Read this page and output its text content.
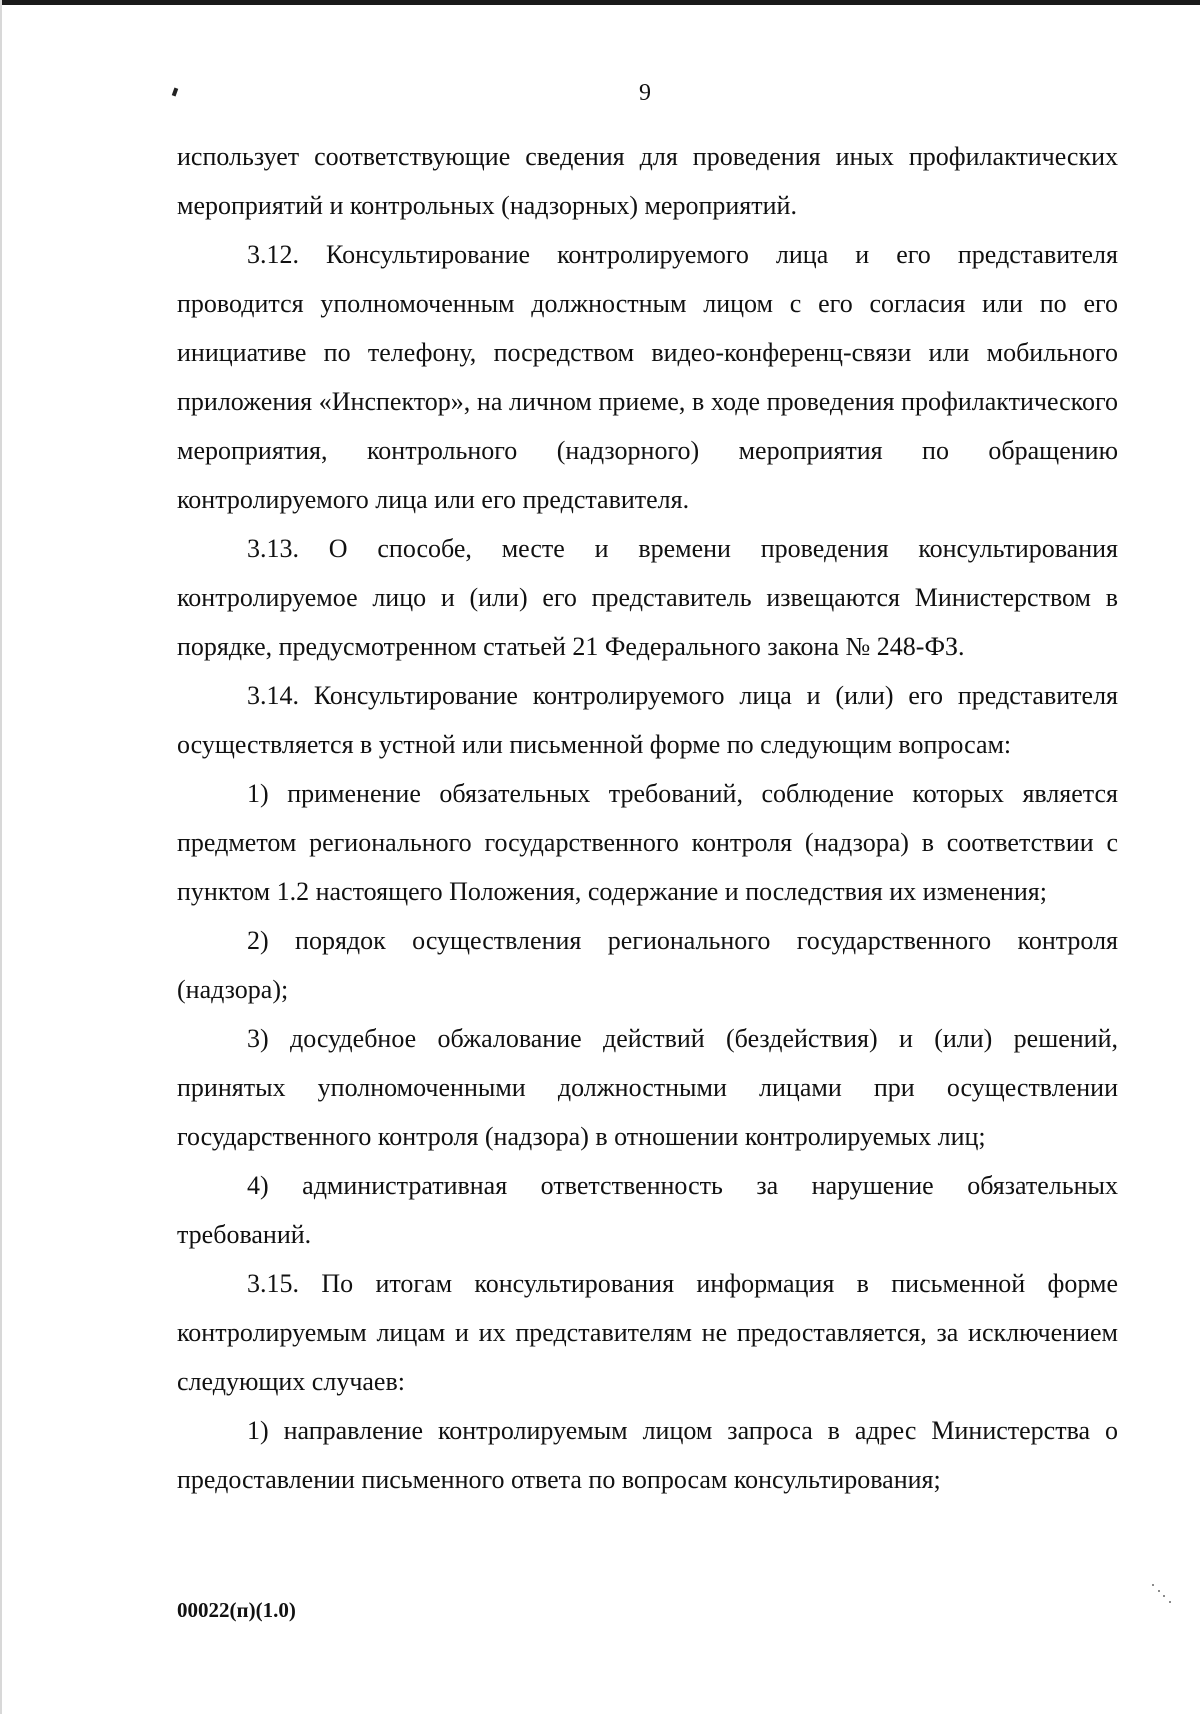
9

использует соответствующие сведения для проведения иных профилактических мероприятий и контрольных (надзорных) мероприятий.

3.12. Консультирование контролируемого лица и его представителя проводится уполномоченным должностным лицом с его согласия или по его инициативе по телефону, посредством видео-конференц-связи или мобильного приложения «Инспектор», на личном приеме, в ходе проведения профилактического мероприятия, контрольного (надзорного) мероприятия по обращению контролируемого лица или его представителя.

3.13. О способе, месте и времени проведения консультирования контролируемое лицо и (или) его представитель извещаются Министерством в порядке, предусмотренном статьей 21 Федерального закона № 248-ФЗ.

3.14. Консультирование контролируемого лица и (или) его представителя осуществляется в устной или письменной форме по следующим вопросам:

1) применение обязательных требований, соблюдение которых является предметом регионального государственного контроля (надзора) в соответствии с пунктом 1.2 настоящего Положения, содержание и последствия их изменения;

2) порядок осуществления регионального государственного контроля (надзора);

3) досудебное обжалование действий (бездействия) и (или) решений, принятых уполномоченными должностными лицами при осуществлении государственного контроля (надзора) в отношении контролируемых лиц;

4) административная ответственность за нарушение обязательных требований.

3.15. По итогам консультирования информация в письменной форме контролируемым лицам и их представителям не предоставляется, за исключением следующих случаев:

1) направление контролируемым лицом запроса в адрес Министерства о предоставлении письменного ответа по вопросам консультирования;

00022(п)(1.0)
